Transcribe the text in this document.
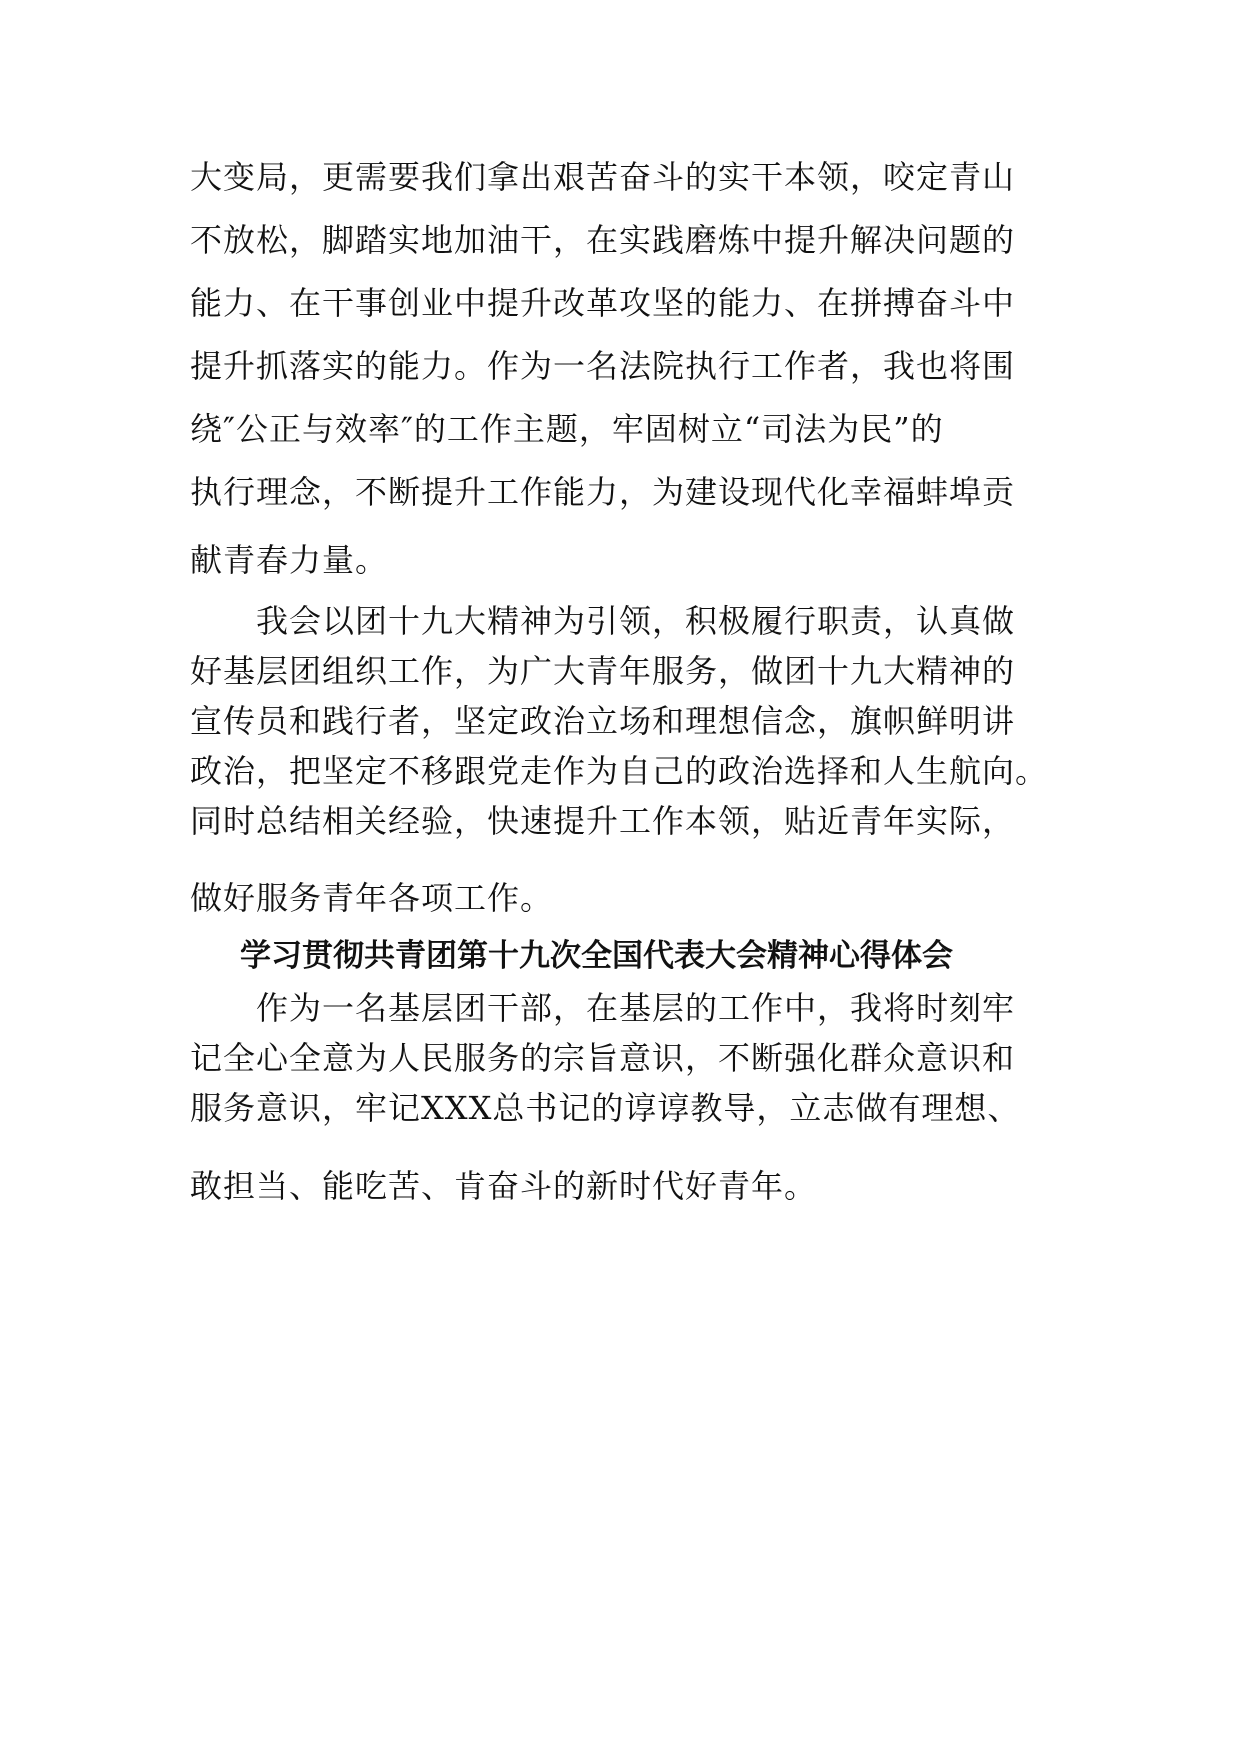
大变局，更需要我们拿出艰苦奋斗的实干本领，咬定青山
不放松，脚踏实地加油干，在实践磨炼中提升解决问题的
能力、在干事创业中提升改革攻坚的能力、在拼搏奋斗中
提升抓落实的能力。作为一名法院执行工作者，我也将围
绕″公正与效率″的工作主题，牢固树立“司法为民”的
执行理念，不断提升工作能力，为建设现代化幸福蚌埠贡
献青春力量。
　　我会以团十九大精神为引领，积极履行职责，认真做
好基层团组织工作，为广大青年服务，做团十九大精神的
宣传员和践行者，坚定政治立场和理想信念，旗帜鲜明讲
政治，把坚定不移跟党走作为自己的政治选择和人生航向。
同时总结相关经验，快速提升工作本领，贴近青年实际，
做好服务青年各项工作。
学习贯彻共青团第十九次全国代表大会精神心得体会
　　作为一名基层团干部，在基层的工作中，我将时刻牢
记全心全意为人民服务的宗旨意识，不断强化群众意识和
服务意识，牢记XXX总书记的谆谆教导，立志做有理想、
敢担当、能吃苦、肯奋斗的新时代好青年。
